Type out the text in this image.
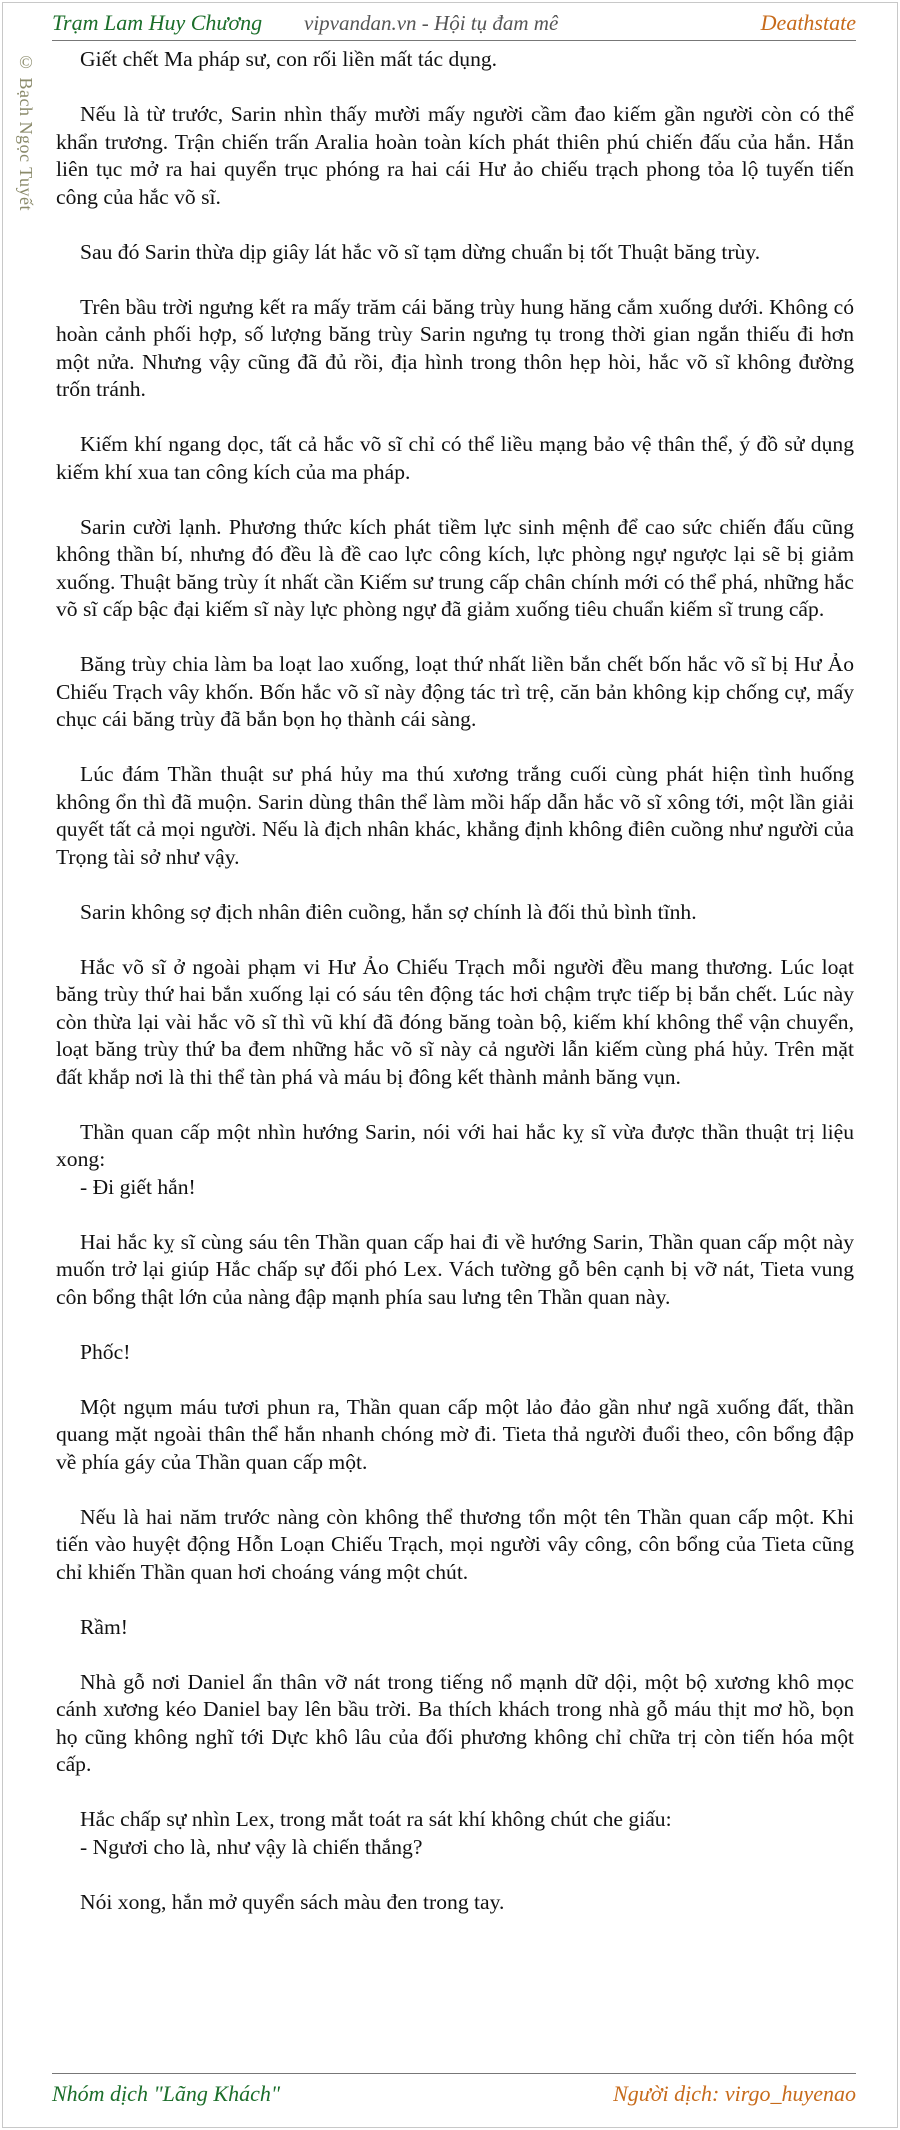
Trạm Lam Huy Chương vipvandan.vn - Hội tụ đam mê	Deathstate
© Bạch Ngọc Tuyết	Giết chết Ma pháp sư, con rối liền mất tác dụng.

Nếu là từ trước, Sarin nhìn thấy mười mấy người cầm đao kiếm gần người còn có thể khẩn trương. Trận chiến trấn Aralia hoàn toàn kích phát thiên phú chiến đấu của hắn. Hắn liên tục mở ra hai quyển trục phóng ra hai cái Hư ảo chiếu trạch phong tỏa lộ tuyến tiến công của hắc võ sĩ.

Sau đó Sarin thừa dịp giây lát hắc võ sĩ tạm dừng chuẩn bị tốt Thuật băng trùy.

Trên bầu trời ngưng kết ra mấy trăm cái băng trùy hung hăng cắm xuống dưới. Không có hoàn cảnh phối hợp, số lượng băng trùy Sarin ngưng tụ trong thời gian ngắn thiếu đi hơn một nửa. Nhưng vậy cũng đã đủ rồi, địa hình trong thôn hẹp hòi, hắc võ sĩ không đường trốn tránh.

Kiếm khí ngang dọc, tất cả hắc võ sĩ chỉ có thể liều mạng bảo vệ thân thể, ý đồ sử dụng kiếm khí xua tan công kích của ma pháp.

Sarin cười lạnh. Phương thức kích phát tiềm lực sinh mệnh để cao sức chiến đấu cũng không thần bí, nhưng đó đều là đề cao lực công kích, lực phòng ngự ngược lại sẽ bị giảm xuống. Thuật băng trùy ít nhất cần Kiếm sư trung cấp chân chính mới có thể phá, những hắc võ sĩ cấp bậc đại kiếm sĩ này lực phòng ngự đã giảm xuống tiêu chuẩn kiếm sĩ trung cấp.

Băng trùy chia làm ba loạt lao xuống, loạt thứ nhất liền bắn chết bốn hắc võ sĩ bị Hư Ảo Chiếu Trạch vây khốn. Bốn hắc võ sĩ này động tác trì trệ, căn bản không kịp chống cự, mấy chục cái băng trùy đã bắn bọn họ thành cái sàng.

Lúc đám Thần thuật sư phá hủy ma thú xương trắng cuối cùng phát hiện tình huống không ổn thì đã muộn. Sarin dùng thân thể làm mồi hấp dẫn hắc võ sĩ xông tới, một lần giải quyết tất cả mọi người. Nếu là địch nhân khác, khẳng định không điên cuồng như người của Trọng tài sở như vậy.

Sarin không sợ địch nhân điên cuồng, hắn sợ chính là đối thủ bình tĩnh.

Hắc võ sĩ ở ngoài phạm vi Hư Ảo Chiếu Trạch mỗi người đều mang thương. Lúc loạt băng trùy thứ hai bắn xuống lại có sáu tên động tác hơi chậm trực tiếp bị bắn chết. Lúc này còn thừa lại vài hắc võ sĩ thì vũ khí đã đóng băng toàn bộ, kiếm khí không thể vận chuyển, loạt băng trùy thứ ba đem những hắc võ sĩ này cả người lẫn kiếm cùng phá hủy. Trên mặt đất khắp nơi là thi thể tàn phá và máu bị đông kết thành mảnh băng vụn.

Thần quan cấp một nhìn hướng Sarin, nói với hai hắc kỵ sĩ vừa được thần thuật trị liệu xong:

- Đi giết hắn!

Hai hắc kỵ sĩ cùng sáu tên Thần quan cấp hai đi về hướng Sarin, Thần quan cấp một này muốn trở lại giúp Hắc chấp sự đối phó Lex. Vách tường gỗ bên cạnh bị vỡ nát, Tieta vung côn bổng thật lớn của nàng đập mạnh phía sau lưng tên Thần quan này.

Phốc!

Một ngụm máu tươi phun ra, Thần quan cấp một lảo đảo gần như ngã xuống đất, thần quang mặt ngoài thân thể hắn nhanh chóng mờ đi. Tieta thả người đuổi theo, côn bổng đập về phía gáy của Thần quan cấp một.

Nếu là hai năm trước nàng còn không thể thương tổn một tên Thần quan cấp một. Khi tiến vào huyệt động Hỗn Loạn Chiếu Trạch, mọi người vây công, côn bổng của Tieta cũng chỉ khiến Thần quan hơi choáng váng một chút.

Rầm!

Nhà gỗ nơi Daniel ẩn thân vỡ nát trong tiếng nổ mạnh dữ dội, một bộ xương khô mọc cánh xương kéo Daniel bay lên bầu trời. Ba thích khách trong nhà gỗ máu thịt mơ hồ, bọn họ cũng không nghĩ tới Dực khô lâu của đối phương không chỉ chữa trị còn tiến hóa một cấp.

Hắc chấp sự nhìn Lex, trong mắt toát ra sát khí không chút che giấu:

- Ngươi cho là, như vậy là chiến thắng?

Nói xong, hắn mở quyển sách màu đen trong tay.

Nhóm dịch "Lãng Khách"	Người dịch: virgo_huyenao
